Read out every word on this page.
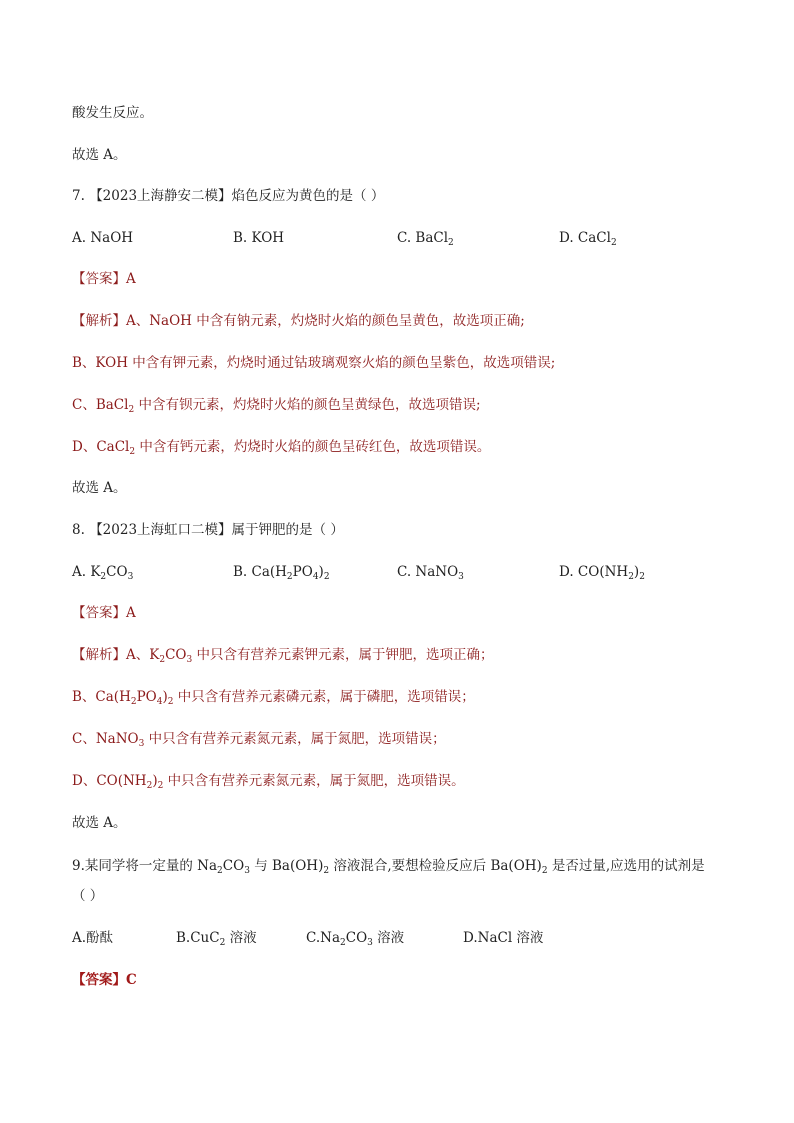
酸发生反应。
故选 A。
7. 【2023上海静安二模】焰色反应为黄色的是（ ）
A. NaOH	B. KOH	C. BaCl$_2$	D. CaCl$_2$
【答案】A
【解析】A、NaOH 中含有钠元素，灼烧时火焰的颜色呈黄色，故选项正确;
B、KOH 中含有钾元素，灼烧时通过钴玻璃观察火焰的颜色呈紫色，故选项错误;
C、BaCl$_2$ 中含有钡元素，灼烧时火焰的颜色呈黄绿色，故选项错误;
D、CaCl$_2$ 中含有钙元素，灼烧时火焰的颜色呈砖红色，故选项错误。
故选 A。
8. 【2023上海虹口二模】属于钾肥的是（ ）
A. $K_2CO_3$	B. $Ca(H_2PO_4)_2$	C. NaNO$_3$	D. $CO(NH_2)_2$
【答案】A
【解析】A、$K_2CO_3$ 中只含有营养元素钾元素，属于钾肥，选项正确；
B、$Ca(H_2PO_4)_2$ 中只含有营养元素磷元素，属于磷肥，选项错误；
C、NaNO$_3$ 中只含有营养元素氮元素，属于氮肥，选项错误；
D、$CO(NH_2)_2$ 中只含有营养元素氮元素，属于氮肥，选项错误。
故选 A。
9.某同学将一定量的 $Na_2CO_3$ 与 $Ba(OH)_2$ 溶液混合,要想检验反应后 $Ba(OH)_2$ 是否过量,应选用的试剂是
（ ）
A.酚酞	B.CuC$_2$ 溶液	$C.Na_2CO_3$ 溶液	D.NaCl 溶液
【答案】C
